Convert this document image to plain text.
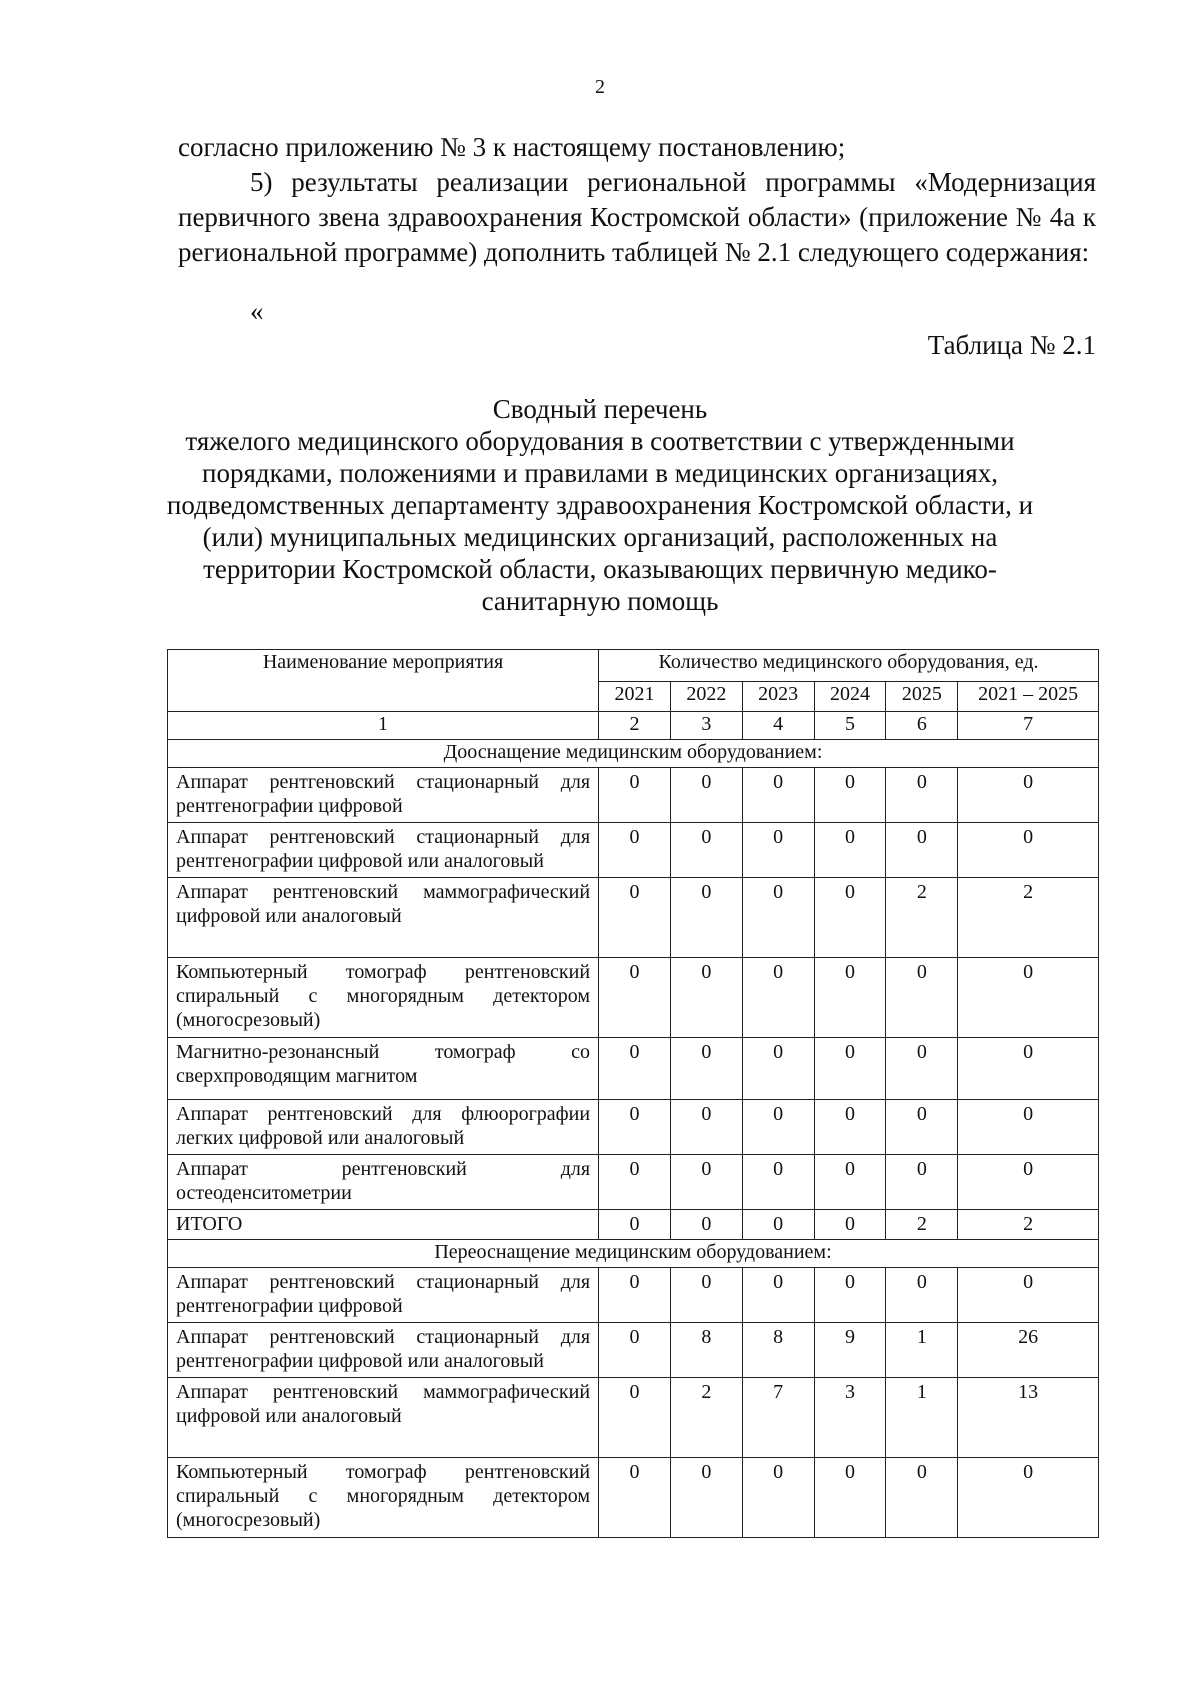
2

согласно приложению № 3 к настоящему постановлению;

5) результаты реализации региональной программы «Модернизация первичного звена здравоохранения Костромской области» (приложение № 4а к региональной программе) дополнить таблицей № 2.1 следующего содержания:

«
Таблица № 2.1
Сводный перечень
тяжелого медицинского оборудования в соответствии с утвержденными
порядками, положениями и правилами в медицинских организациях,
подведомственных департаменту здравоохранения Костромской области, и
(или) муниципальных медицинских организаций, расположенных на
территории Костромской области, оказывающих первичную медико-
санитарную помощь
Наименование мероприятия	Количество медицинского оборудования, ед.					
	2021	2022	2023	2024	2025	2021 – 2025
1	2	3	4	5	6	7
Дооснащение медицинским оборудованием:						
Аппарат рентгеновский стационарный для рентгенографии цифровой	0	0	0	0	0	0
Аппарат рентгеновский стационарный для рентгенографии цифровой или аналоговый	0	0	0	0	0	0
Аппарат рентгеновский маммографический цифровой или аналоговый	0	0	0	0	2	2
Компьютерный томограф рентгеновский спиральный с многорядным детектором (многосрезовый)	0	0	0	0	0	0
Магнитно-резонансный томограф со сверхпроводящим магнитом	0	0	0	0	0	0
Аппарат рентгеновский для флюорографии легких цифровой или аналоговый	0	0	0	0	0	0
Аппарат рентгеновский для остеоденситометрии	0	0	0	0	0	0
ИТОГО	0	0	0	0	2	2
Переоснащение медицинским оборудованием:						
Аппарат рентгеновский стационарный для рентгенографии цифровой	0	0	0	0	0	0
Аппарат рентгеновский стационарный для рентгенографии цифровой или аналоговый	0	8	8	9	1	26
Аппарат рентгеновский маммографический цифровой или аналоговый	0	2	7	3	1	13
Компьютерный томограф рентгеновский спиральный с многорядным детектором (многосрезовый)	0	0	0	0	0	0
